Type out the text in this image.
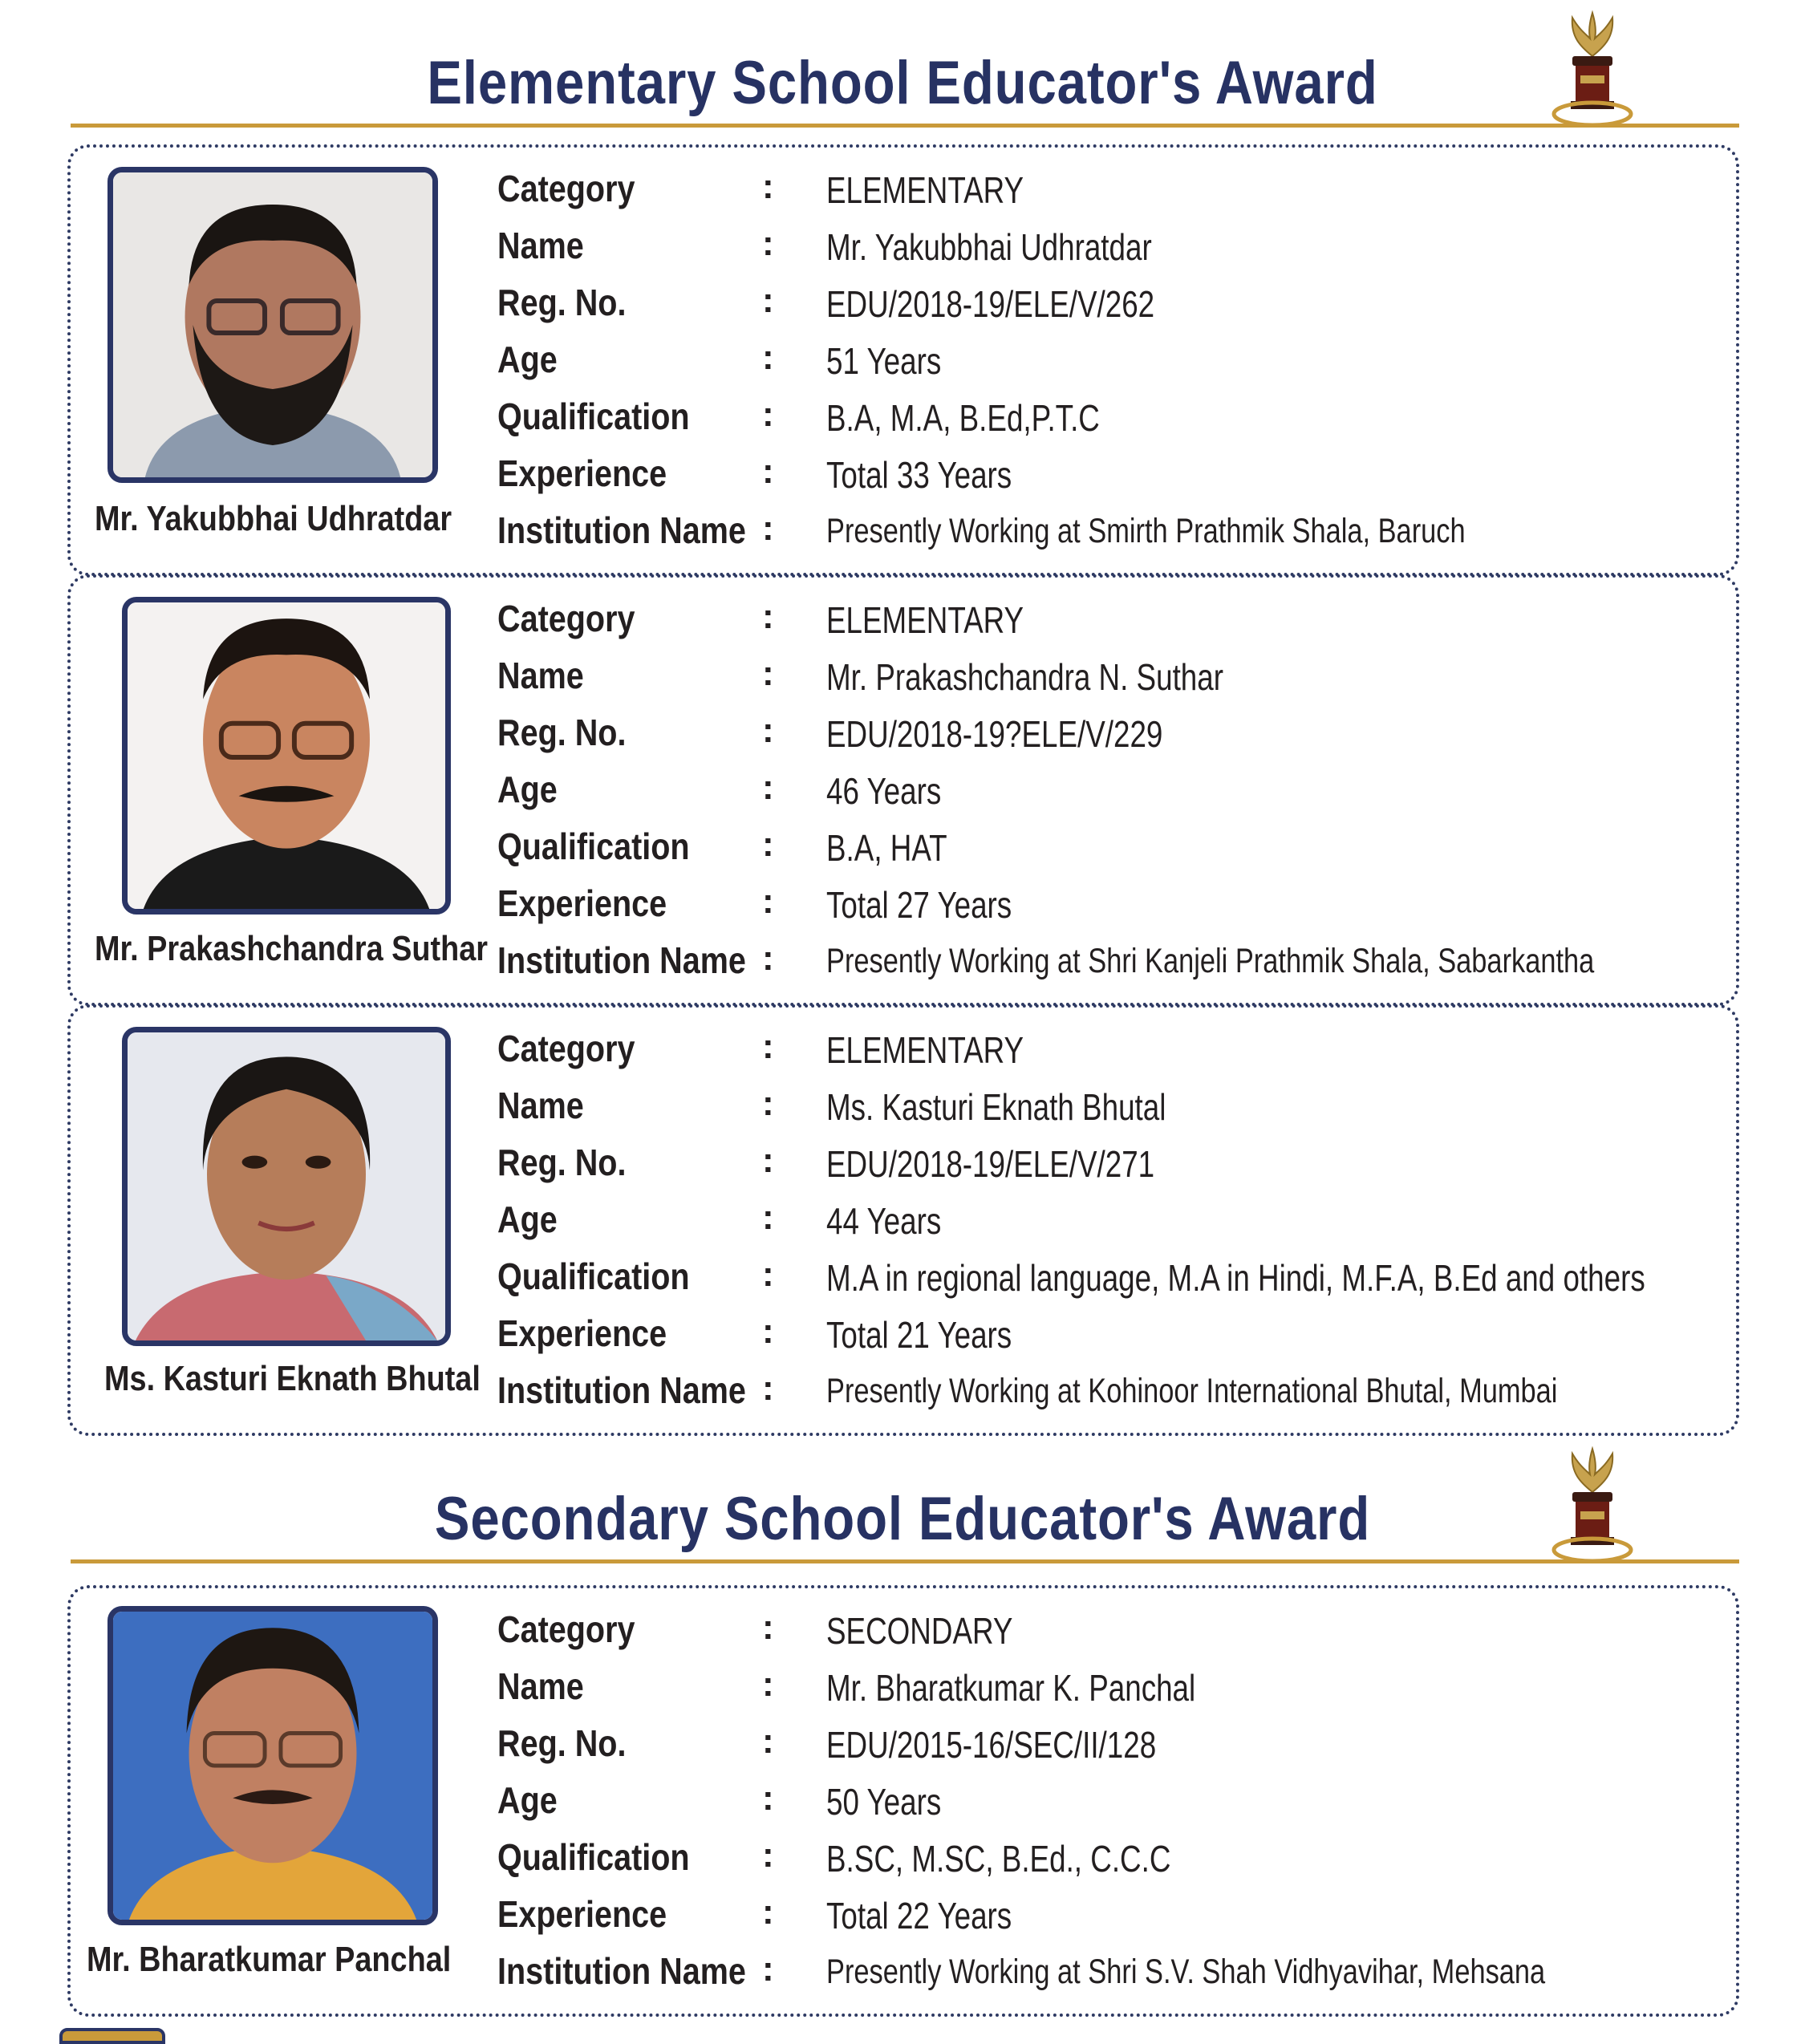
Elementary School Educator's Award
Mr. Yakubbhai Udhratdar
Category	: ELEMENTARY
Name	: Mr. Yakubbhai Udhratdar
Reg. No.	: EDU/2018-19/ELE/V/262
Age	: 51 Years
Qualification : B.A, M.A, B.Ed,P.T.C
Experience	: Total 33 Years
Institution Name : Presently Working at Smirth Prathmik Shala, Baruch
Mr. Prakashchandra Suthar
Category	: ELEMENTARY
Name	: Mr. Prakashchandra N. Suthar
Reg. No.	: EDU/2018-19?ELE/V/229
Age	: 46 Years
Qualification : B.A, HAT
Experience	: Total 27 Years
Institution Name : Presently Working at Shri Kanjeli Prathmik Shala, Sabarkantha
Ms. Kasturi Eknath Bhutal
Category	: ELEMENTARY
Name	: Ms. Kasturi Eknath Bhutal
Reg. No.	: EDU/2018-19/ELE/V/271
Age	: 44 Years
Qualification : M.A in regional language, M.A in Hindi, M.F.A, B.Ed and others
Experience	: Total 21 Years
Institution Name : Presently Working at Kohinoor International Bhutal, Mumbai
Secondary School Educator's Award
Mr. Bharatkumar Panchal
Category	: SECONDARY
Name	: Mr. Bharatkumar K. Panchal
Reg. No.	: EDU/2015-16/SEC/II/128
Age	: 50 Years
Qualification : B.SC, M.SC, B.Ed., C.C.C
Experience	: Total 22 Years
Institution Name : Presently Working at Shri S.V. Shah Vidhyavihar, Mehsana
